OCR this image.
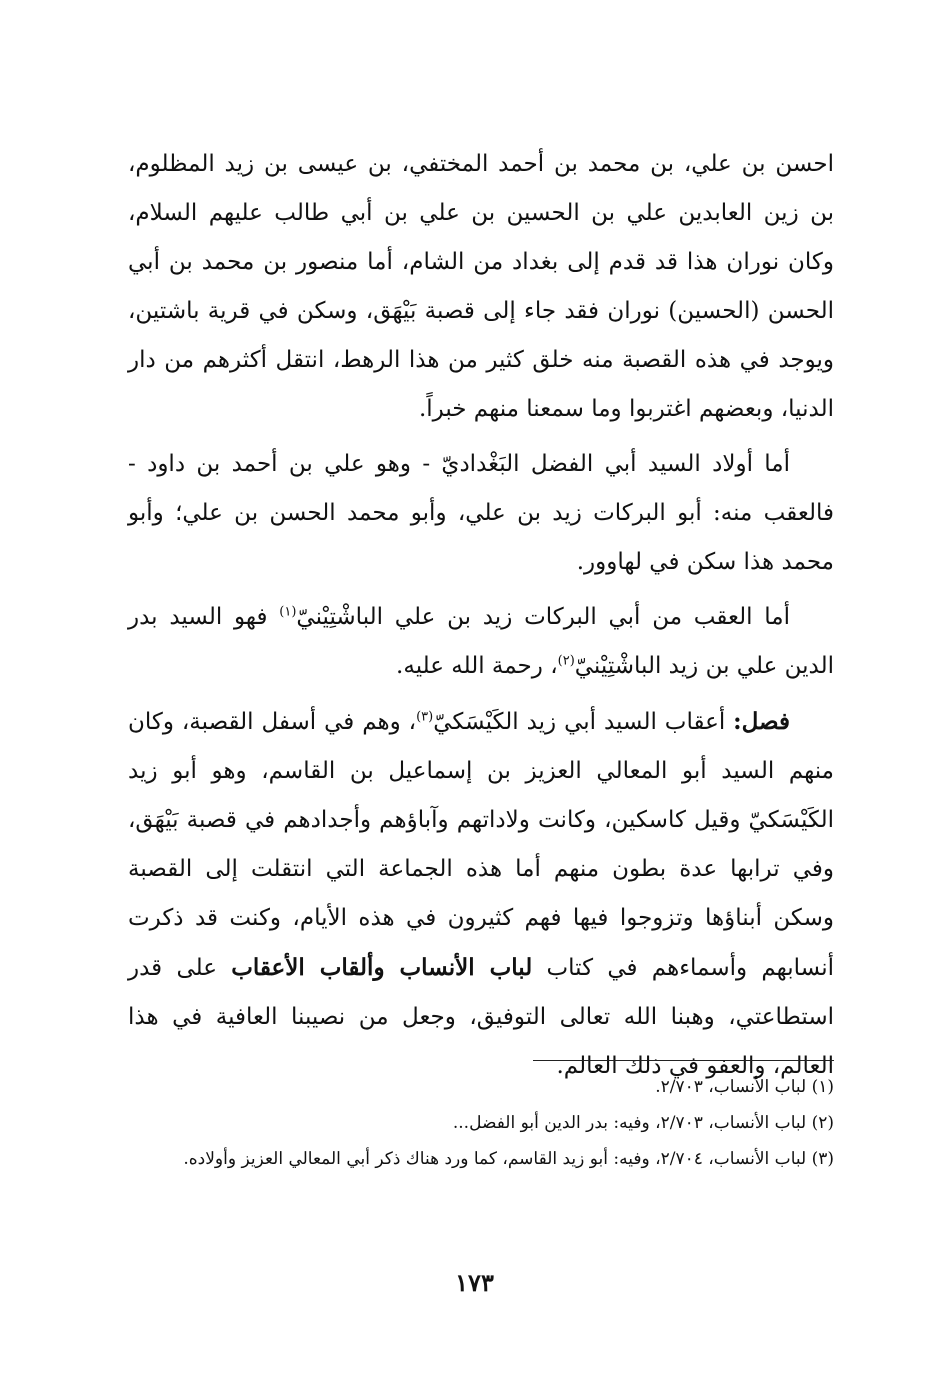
احسن بن علي، بن محمد بن أحمد المختفي، بن عيسى بن زيد المظلوم، بن زين العابدين علي بن الحسين بن علي بن أبي طالب عليهم السلام، وكان نوران هذا قد قدم إلى بغداد من الشام، أما منصور بن محمد بن أبي الحسن (الحسين) نوران فقد جاء إلى قصبة بَيْهَق، وسكن في قرية باشتين، ويوجد في هذه القصبة منه خلق كثير من هذا الرهط، انتقل أكثرهم من دار الدنيا، وبعضهم اغتربوا وما سمعنا منهم خبراً.

أما أولاد السيد أبي الفضل البَغْداديّ - وهو علي بن أحمد بن داود - فالعقب منه: أبو البركات زيد بن علي، وأبو محمد الحسن بن علي؛ وأبو محمد هذا سكن في لهاوور.

أما العقب من أبي البركات زيد بن علي الباشْتِيْنيّ$^{(١)}$ فهو السيد بدر الدين علي بن زيد الباشْتِيْنيّ$^{(٢)}$، رحمة الله عليه.

فصل: أعقاب السيد أبي زيد الكَيْسَكيّ$^{(٣)}$، وهم في أسفل القصبة، وكان منهم السيد أبو المعالي العزيز بن إسماعيل بن القاسم، وهو أبو زيد الكَيْسَكيّ وقيل كاسكين، وكانت ولاداتهم وآباؤهم وأجدادهم في قصبة بَيْهَق، وفي ترابها عدة بطون منهم أما هذه الجماعة التي انتقلت إلى القصبة وسكن أبناؤها وتزوجوا فيها فهم كثيرون في هذه الأيام، وكنت قد ذكرت أنسابهم وأسماءهم في كتاب لباب الأنساب وألقاب الأعقاب على قدر استطاعتي، وهبنا الله تعالى التوفيق، وجعل من نصيبنا العافية في هذا العالم، والعفو في ذلك العالم.

(١) لباب الأنساب، ٢/٧٠٣.

(٢) لباب الأنساب، ٢/٧٠٣، وفيه: بدر الدين أبو الفضل...

(٣) لباب الأنساب، ٢/٧٠٤، وفيه: أبو زيد القاسم، كما ورد هناك ذكر أبي المعالي العزيز وأولاده.

١٧٣
